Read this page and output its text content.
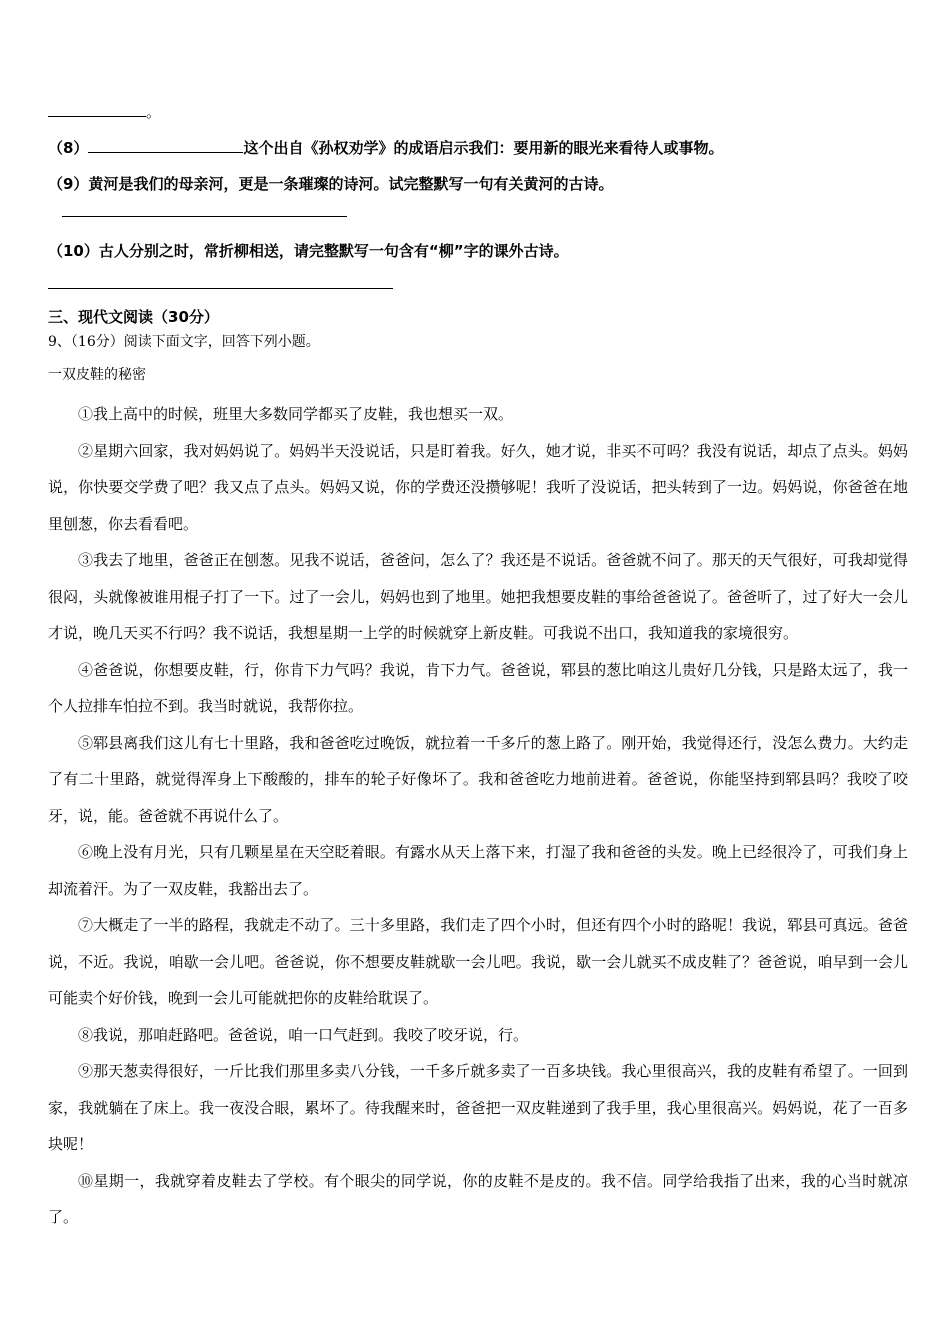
。
（8）	这个出自《孙权劝学》的成语启示我们：要用新的眼光来看待人或事物。
（9）黄河是我们的母亲河，更是一条璀璨的诗河。试完整默写一句有关黄河的古诗。
（10）古人分别之时，常折柳相送，请完整默写一句含有“柳”字的课外古诗。
三、现代文阅读（30分）
9、（16分）阅读下面文字，回答下列小题。
一双皮鞋的秘密

①我上高中的时候，班里大多数同学都买了皮鞋，我也想买一双。

②星期六回家，我对妈妈说了。妈妈半天没说话，只是盯着我。好久，她才说，非买不可吗？我没有说话，却点了点头。妈妈说，你快要交学费了吧？我又点了点头。妈妈又说，你的学费还没攒够呢！我听了没说话，把头转到了一边。妈妈说，你爸爸在地里刨葱，你去看看吧。

③我去了地里，爸爸正在刨葱。见我不说话，爸爸问，怎么了？我还是不说话。爸爸就不问了。那天的天气很好，可我却觉得很闷，头就像被谁用棍子打了一下。过了一会儿，妈妈也到了地里。她把我想要皮鞋的事给爸爸说了。爸爸听了，过了好大一会儿才说，晚几天买不行吗？我不说话，我想星期一上学的时候就穿上新皮鞋。可我说不出口，我知道我的家境很穷。

④爸爸说，你想要皮鞋，行，你肯下力气吗？我说，肯下力气。爸爸说，郓县的葱比咱这儿贵好几分钱，只是路太远了，我一个人拉排车怕拉不到。我当时就说，我帮你拉。

⑤郓县离我们这儿有七十里路，我和爸爸吃过晚饭，就拉着一千多斤的葱上路了。刚开始，我觉得还行，没怎么费力。大约走了有二十里路，就觉得浑身上下酸酸的，排车的轮子好像坏了。我和爸爸吃力地前进着。爸爸说，你能坚持到郓县吗？我咬了咬牙，说，能。爸爸就不再说什么了。

⑥晚上没有月光，只有几颗星星在天空眨着眼。有露水从天上落下来，打湿了我和爸爸的头发。晚上已经很冷了，可我们身上却流着汗。为了一双皮鞋，我豁出去了。

⑦大概走了一半的路程，我就走不动了。三十多里路，我们走了四个小时，但还有四个小时的路呢！我说，郓县可真远。爸爸说，不近。我说，咱歇一会儿吧。爸爸说，你不想要皮鞋就歇一会儿吧。我说，歇一会儿就买不成皮鞋了？爸爸说，咱早到一会儿可能卖个好价钱，晚到一会儿可能就把你的皮鞋给耽误了。

⑧我说，那咱赶路吧。爸爸说，咱一口气赶到。我咬了咬牙说，行。

⑨那天葱卖得很好，一斤比我们那里多卖八分钱，一千多斤就多卖了一百多块钱。我心里很高兴，我的皮鞋有希望了。一回到家，我就躺在了床上。我一夜没合眼，累坏了。待我醒来时，爸爸把一双皮鞋递到了我手里，我心里很高兴。妈妈说，花了一百多块呢！

⑩星期一，我就穿着皮鞋去了学校。有个眼尖的同学说，你的皮鞋不是皮的。我不信。同学给我指了出来，我的心当时就凉了。
